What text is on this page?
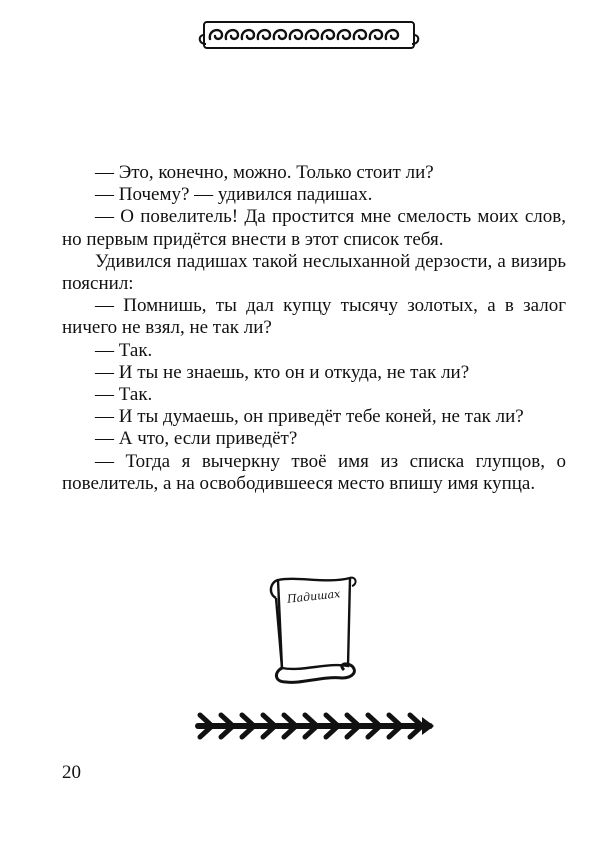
— Это, конечно, можно. Только стоит ли?

— Почему? — удивился падишах.

— О повелитель! Да простится мне смелость моих слов, но первым придётся внести в этот список тебя.

Удивился падишах такой неслыханной дерзости, а визирь пояснил:

— Помнишь, ты дал купцу тысячу золотых, а в залог ничего не взял, не так ли?

— Так.

— И ты не знаешь, кто он и откуда, не так ли?

— Так.

— И ты думаешь, он приведёт тебе коней, не так ли?

— А что, если приведёт?

— Тогда я вычеркну твоё имя из списка глупцов, о повелитель, а на освободившееся место впишу имя купца.

Падишах
20
